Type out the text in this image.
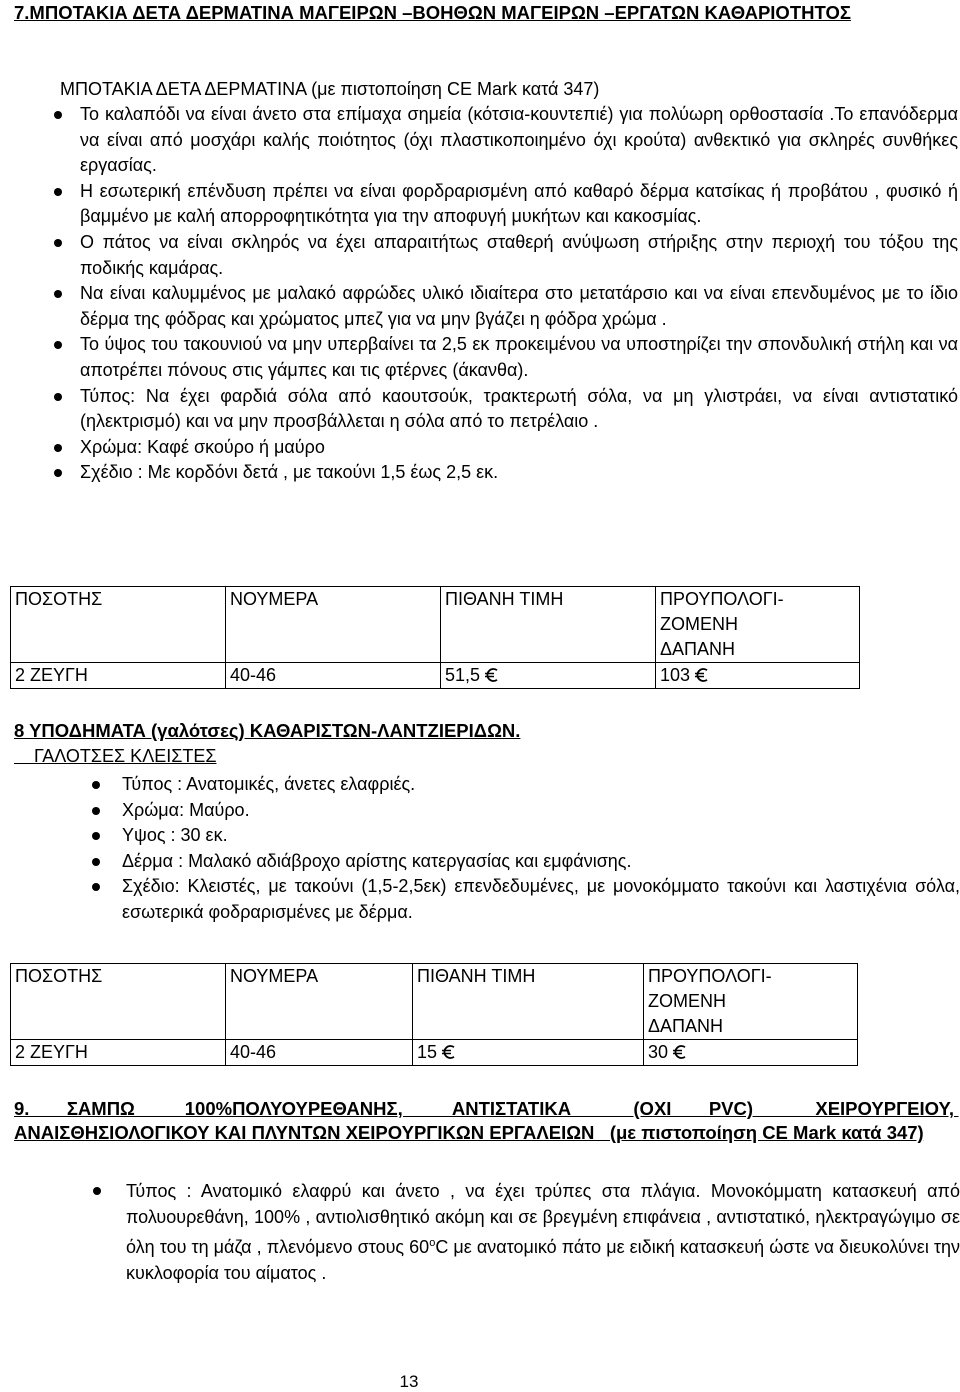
7.ΜΠΟΤΑΚΙΑ ΔΕΤΑ ΔΕΡΜΑΤΙΝΑ ΜΑΓΕΙΡΩΝ –ΒΟΗΘΩΝ ΜΑΓΕΙΡΩΝ –ΕΡΓΑΤΩΝ ΚΑΘΑΡΙΟΤΗΤΟΣ
ΜΠΟΤΑΚΙΑ ΔΕΤΑ ΔΕΡΜΑΤΙΝΑ (με πιστοποίηση CE Mark κατά 347)
Το καλαπόδι να είναι άνετο στα επίμαχα σημεία (κότσια-κουντεπιέ) για πολύωρη ορθοστασία .Το επανόδερμα να είναι από μοσχάρι καλής ποιότητος (όχι πλαστικοποιημένο όχι κρούτα) ανθεκτικό για σκληρές συνθήκες εργασίας.
Η εσωτερική επένδυση πρέπει να είναι φορδραρισμένη από καθαρό δέρμα κατσίκας ή προβάτου , φυσικό ή βαμμένο με καλή απορροφητικότητα για την αποφυγή μυκήτων και κακοσμίας.
Ο πάτος να είναι σκληρός να έχει απαραιτήτως σταθερή ανύψωση στήριξης στην περιοχή του τόξου της ποδικής καμάρας.
Να είναι καλυμμένος με μαλακό αφρώδες υλικό ιδιαίτερα στο μετατάρσιο και να είναι επενδυμένος με το ίδιο δέρμα της φόδρας και χρώματος μπεζ για να μην βγάζει η φόδρα χρώμα .
Το ύψος του τακουνιού να μην υπερβαίνει τα 2,5 εκ προκειμένου να υποστηρίζει την σπονδυλική στήλη και να αποτρέπει πόνους στις γάμπες και τις φτέρνες (άκανθα).
Τύπος: Να έχει φαρδιά σόλα από καουτσούκ, τρακτερωτή σόλα, να μη γλιστράει, να είναι αντιστατικό (ηλεκτρισμό) και να μην προσβάλλεται η σόλα από το πετρέλαιο .
Χρώμα: Καφέ σκούρο ή μαύρο
Σχέδιο : Με κορδόνι δετά , με τακούνι 1,5 έως 2,5 εκ.
ΠΟΣΟΤΗΣ	ΝΟΥΜΕΡΑ	ΠΙΘΑΝΗ ΤΙΜΗ	ΠΡΟΥΠΟΛΟΓΙ-
ΖΟΜΕΝΗ
ΔΑΠΑΝΗ
2 ΖΕΥΓΗ	40-46	51,5	103
8 ΥΠΟΔΗΜΑΤΑ (γαλότσες) ΚΑΘΑΡΙΣΤΩΝ-ΛΑΝΤΖΙΕΡΙΔΩΝ.
ΓΑΛΟΤΣΕΣ ΚΛΕΙΣΤΕΣ
Τύπος : Ανατομικές, άνετες ελαφριές.
Χρώμα: Μαύρο.
Υψος : 30 εκ.
Δέρμα : Μαλακό αδιάβροχο αρίστης κατεργασίας και εμφάνισης.
Σχέδιο: Κλειστές, με τακούνι (1,5-2,5εκ) επενδεδυμένες, με μονοκόμματο τακούνι και λαστιχένια σόλα, εσωτερικά φοδραρισμένες με δέρμα.
ΠΟΣΟΤΗΣ	ΝΟΥΜΕΡΑ	ΠΙΘΑΝΗ ΤΙΜΗ	ΠΡΟΥΠΟΛΟΓΙ-
ΖΟΜΕΝΗ
ΔΑΠΑΝΗ
2 ΖΕΥΓΗ	40-46	15	30
9.   ΣΑΜΠΩ    100%ΠΟΛΥΟΥΡΕΘΑΝΗΣ,    ΑΝΤΙΣΤΑΤΙΚΑ     (ΟΧΙ   PVC)     ΧΕΙΡΟΥΡΓΕΙΟΥ, ΑΝΑΙΣΘΗΣΙΟΛΟΓΙΚΟΥ ΚΑΙ ΠΛΥΝΤΩΝ ΧΕΙΡΟΥΡΓΙΚΩΝ ΕΡΓΑΛΕΙΩΝ   (με πιστοποίηση CE Mark κατά 347)
Τύπος : Ανατομικό ελαφρύ και άνετο , να έχει τρύπες στα πλάγια. Μονοκόμματη κατασκευή από πολυουρεθάνη, 100% , αντιολισθητικό ακόμη και σε βρεγμένη επιφάνεια , αντιστατικό, ηλεκτραγώγιμο σε όλη του τη μάζα , πλενόμενο στους $60^oC$ με ανατομικό πάτο με ειδική κατασκευή ώστε να διευκολύνει την κυκλοφορία του αίματος .
13
